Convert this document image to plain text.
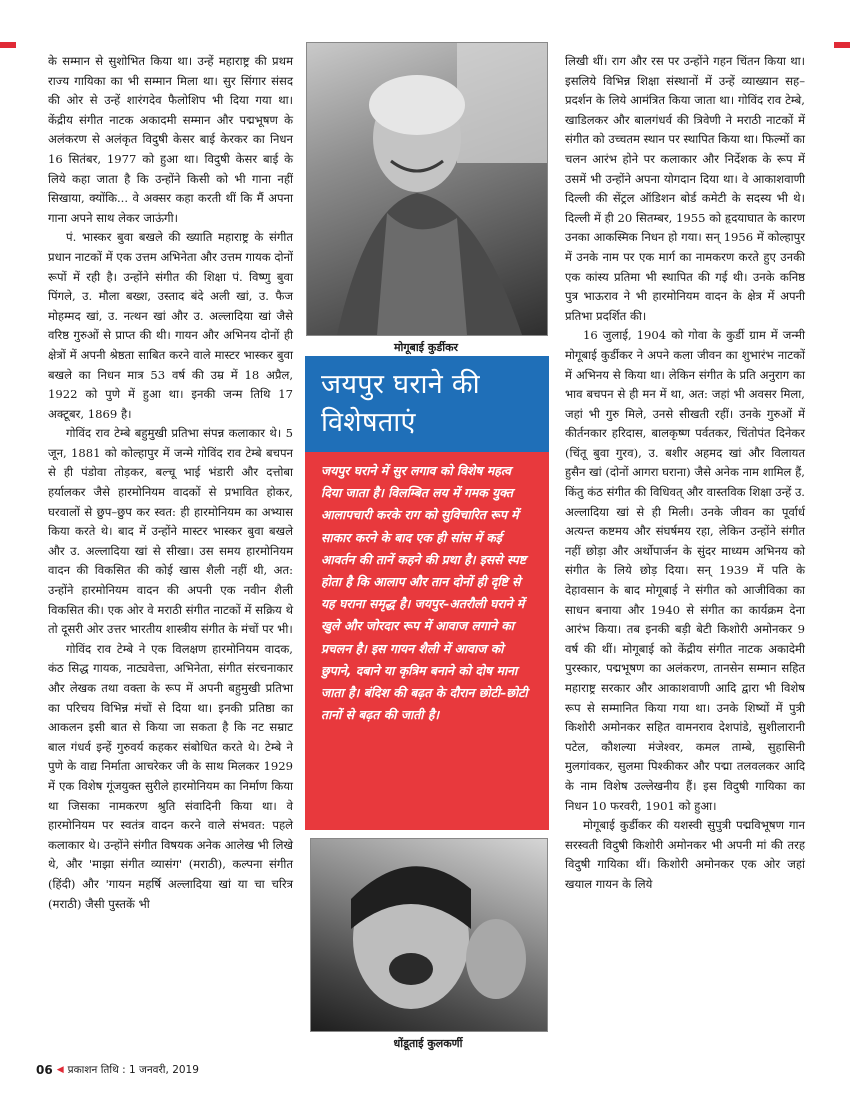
के सम्मान से सुशोभित किया था। उन्हें महाराष्ट्र की प्रथम राज्य गायिका का भी सम्मान मिला था। सुर सिंगार संसद की ओर से उन्हें शारंगदेव फैलोशिप भी दिया गया था। केंद्रीय संगीत नाटक अकादमी सम्मान और पद्मभूषण के अलंकरण से अलंकृत विदुषी केसर बाई केरकर का निधन 16 सितंबर, 1977 को हुआ था। विदुषी केसर बाई के लिये कहा जाता है कि उन्होंने किसी को भी गाना नहीं सिखाया, क्योंकि... वे अक्सर कहा करती थीं कि मैं अपना गाना अपने साथ लेकर जाऊंगी।

पं. भास्कर बुवा बखले की ख्याति महाराष्ट्र के संगीत प्रधान नाटकों में एक उत्तम अभिनेता और उत्तम गायक दोनों रूपों में रही है। उन्होंने संगीत की शिक्षा पं. विष्णु बुवा पिंगले, उ. मौला बख्श, उस्ताद बंदे अली खां, उ. फैज मोहम्मद खां, उ. नत्थन खां और उ. अल्लादिया खां जैसे वरिष्ठ गुरुओं से प्राप्त की थी। गायन और अभिनय दोनों ही क्षेत्रों में अपनी श्रेष्ठता साबित करने वाले मास्टर भास्कर बुवा बखले का निधन मात्र 53 वर्ष की उम्र में 18 अप्रैल, 1922 को पुणे में हुआ था। इनकी जन्म तिथि 17 अक्टूबर, 1869 है।

गोविंद राव टेम्बे बहुमुखी प्रतिभा संपन्न कलाकार थे। 5 जून, 1881 को कोल्हापुर में जन्मे गोविंद राव टेम्बे बचपन से ही पंडोवा तोड़कर, बल्चू भाई भंडारी और दत्तोबा हर्यालकर जैसे हारमोनियम वादकों से प्रभावित होकर, घरवालों से छुप–छुप कर स्वत: ही हारमोनियम का अभ्यास किया करते थे। बाद में उन्होंने मास्टर भास्कर बुवा बखले और उ. अल्लादिया खां से सीखा। उस समय हारमोनियम वादन की विकसित की कोई खास शैली नहीं थी, अत: उन्होंने हारमोनियम वादन की अपनी एक नवीन शैली विकसित की। एक ओर वे मराठी संगीत नाटकों में सक्रिय थे तो दूसरी ओर उत्तर भारतीय शास्त्रीय संगीत के मंचों पर भी।

गोविंद राव टेम्बे ने एक विलक्षण हारमोनियम वादक, कंठ सिद्ध गायक, नाट्यवेत्ता, अभिनेता, संगीत संरचनाकार और लेखक तथा वक्ता के रूप में अपनी बहुमुखी प्रतिभा का परिचय विभिन्न मंचों से दिया था। इनकी प्रतिष्ठा का आकलन इसी बात से किया जा सकता है कि नट सम्राट बाल गंधर्व इन्हें गुरुवर्य कहकर संबोधित करते थे। टेम्बे ने पुणे के वाद्य निर्माता आचरेकर जी के साथ मिलकर 1929 में एक विशेष गूंजयुक्त सुरीले हारमोनियम का निर्माण किया था जिसका नामकरण श्रुति संवादिनी किया था। वे हारमोनियम पर स्वतंत्र वादन करने वाले संभवत: पहले कलाकार थे। उन्होंने संगीत विषयक अनेक आलेख भी लिखे थे, और 'माझा संगीत व्यासंग' (मराठी), कल्पना संगीत (हिंदी) और 'गायन महर्षि अल्लादिया खां या चा चरित्र (मराठी) जैसी पुस्तकें भी

मोगूबाई कुर्डीकर
जयपुर घराने की
विशेषताएं
जयपुर घराने में सुर लगाव को विशेष महत्व दिया जाता है। विलम्बित लय में गमक युक्त आलापचारी करके राग को सुविचारित रूप में साकार करने के बाद एक ही सांस में कई आवर्तन की तानें कहने की प्रथा है। इससे स्पष्ट होता है कि आलाप और तान दोनों ही दृष्टि से यह घराना समृद्ध है। जयपुर–अतरौली घराने में खुले और जोरदार रूप में आवाज लगाने का प्रचलन है। इस गायन शैली में आवाज को छुपाने, दबाने या कृत्रिम बनाने को दोष माना जाता है। बंदिश की बढ़त के दौरान छोटी–छोटी तानों से बढ़त की जाती है।
धोंडूताई कुलकर्णी

लिखी थीं। राग और रस पर उन्होंने गहन चिंतन किया था। इसलिये विभिन्न शिक्षा संस्थानों में उन्हें व्याख्यान सह–प्रदर्शन के लिये आमंत्रित किया जाता था। गोविंद राव टेम्बे, खाडिलकर और बालगंधर्व की त्रिवेणी ने मराठी नाटकों में संगीत को उच्चतम स्थान पर स्थापित किया था। फिल्मों का चलन आरंभ होने पर कलाकार और निर्देशक के रूप में उसमें भी उन्होंने अपना योगदान दिया था। वे आकाशवाणी दिल्ली की सेंट्रल ऑडिशन बोर्ड कमेटी के सदस्य भी थे। दिल्ली में ही 20 सितम्बर, 1955 को हृदयाघात के कारण उनका आकस्मिक निधन हो गया। सन् 1956 में कोल्हापुर में उनके नाम पर एक मार्ग का नामकरण करते हुए उनकी एक कांस्य प्रतिमा भी स्थापित की गई थी। उनके कनिष्ठ पुत्र भाऊराव ने भी हारमोनियम वादन के क्षेत्र में अपनी प्रतिभा प्रदर्शित की।

16 जुलाई, 1904 को गोवा के कुर्डी ग्राम में जन्मी मोगूबाई कुर्डीकर ने अपने कला जीवन का शुभारंभ नाटकों में अभिनय से किया था। लेकिन संगीत के प्रति अनुराग का भाव बचपन से ही मन में था, अत: जहां भी अवसर मिला, जहां भी गुरु मिले, उनसे सीखती रहीं। उनके गुरुओं में कीर्तनकार हरिदास, बालकृष्ण पर्वतकर, चिंतोपंत दिनेकर (चिंतू बुवा गुरव), उ. बशीर अहमद खां और विलायत हुसैन खां (दोनों आगरा घराना) जैसे अनेक नाम शामिल हैं, किंतु कंठ संगीत की विधिवत् और वास्तविक शिक्षा उन्हें उ. अल्लादिया खां से ही मिली। उनके जीवन का पूर्वार्ध अत्यन्त कष्टमय और संघर्षमय रहा, लेकिन उन्होंने संगीत नहीं छोड़ा और अर्थोपार्जन के सुंदर माध्यम अभिनय को संगीत के लिये छोड़ दिया। सन् 1939 में पति के देहावसान के बाद मोगूबाई ने संगीत को आजीविका का साधन बनाया और 1940 से संगीत का कार्यक्रम देना आरंभ किया। तब इनकी बड़ी बेटी किशोरी अमोनकर 9 वर्ष की थीं। मोगूबाई को केंद्रीय संगीत नाटक अकादेमी पुरस्कार, पद्मभूषण का अलंकरण, तानसेन सम्मान सहित महाराष्ट्र सरकार और आकाशवाणी आदि द्वारा भी विशेष रूप से सम्मानित किया गया था। उनके शिष्यों में पुत्री किशोरी अमोनकर सहित वामनराव देशपांडे, सुशीलारानी पटेल, कौशल्या मंजेश्वर, कमल ताम्बे, सुहासिनी मुलगांवकर, सुलमा पिश्कीकर और पद्मा तलवलकर आदि के नाम विशेष उल्लेखनीय हैं। इस विदुषी गायिका का निधन 10 फरवरी, 1901 को हुआ।

मोगूबाई कुर्डीकर की यशस्वी सुपुत्री पद्मविभूषण गान सरस्वती विदुषी किशोरी अमोनकर भी अपनी मां की तरह विदुषी गायिका थीं। किशोरी अमोनकर एक ओर जहां खयाल गायन के लिये

06 ◀ प्रकाशन तिथि : 1 जनवरी, 2019
